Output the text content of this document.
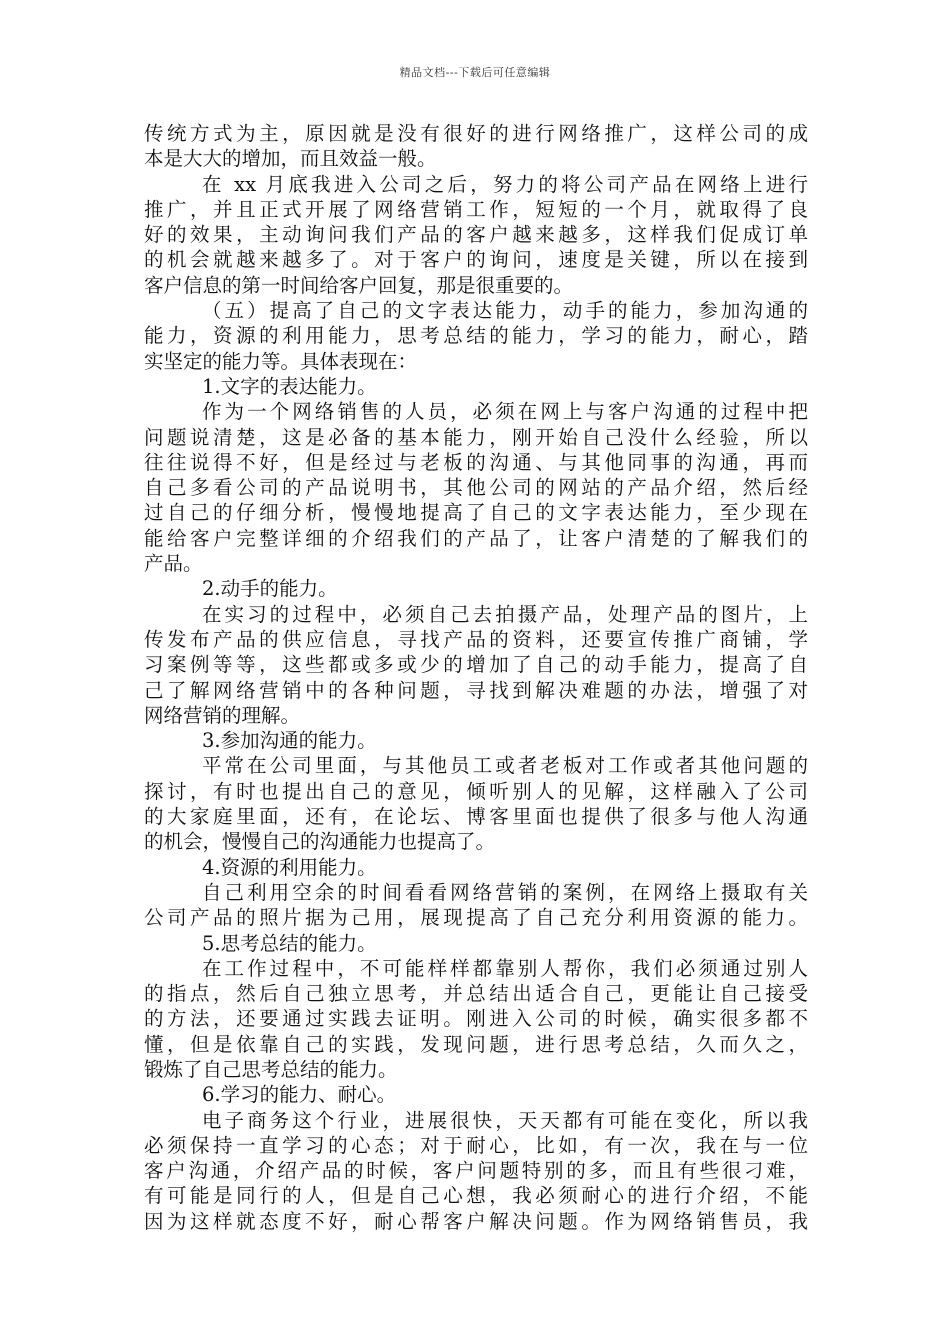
精品文档---下载后可任意编辑
传统方式为主，原因就是没有很好的进行网络推广，这样公司的成
本是大大的增加，而且效益一般。
在 xx 月底我进入公司之后，努力的将公司产品在网络上进行
推广，并且正式开展了网络营销工作，短短的一个月，就取得了良
好的效果，主动询问我们产品的客户越来越多，这样我们促成订单
的机会就越来越多了。对于客户的询问，速度是关键，所以在接到
客户信息的第一时间给客户回复，那是很重要的。
（五）提高了自己的文字表达能力，动手的能力，参加沟通的
能力，资源的利用能力，思考总结的能力，学习的能力，耐心，踏
实坚定的能力等。具体表现在：
1.文字的表达能力。
作为一个网络销售的人员，必须在网上与客户沟通的过程中把
问题说清楚，这是必备的基本能力，刚开始自己没什么经验，所以
往往说得不好，但是经过与老板的沟通、与其他同事的沟通，再而
自己多看公司的产品说明书，其他公司的网站的产品介绍，然后经
过自己的仔细分析，慢慢地提高了自己的文字表达能力，至少现在
能给客户完整详细的介绍我们的产品了，让客户清楚的了解我们的
产品。
2.动手的能力。
在实习的过程中，必须自己去拍摄产品，处理产品的图片，上
传发布产品的供应信息，寻找产品的资料，还要宣传推广商铺，学
习案例等等，这些都或多或少的增加了自己的动手能力，提高了自
己了解网络营销中的各种问题，寻找到解决难题的办法，增强了对
网络营销的理解。
3.参加沟通的能力。
平常在公司里面，与其他员工或者老板对工作或者其他问题的
探讨，有时也提出自己的意见，倾听别人的见解，这样融入了公司
的大家庭里面，还有，在论坛、博客里面也提供了很多与他人沟通
的机会，慢慢自己的沟通能力也提高了。
4.资源的利用能力。
自己利用空余的时间看看网络营销的案例，在网络上摄取有关
公司产品的照片据为己用，展现提高了自己充分利用资源的能力。
5.思考总结的能力。
在工作过程中，不可能样样都靠别人帮你，我们必须通过别人
的指点，然后自己独立思考，并总结出适合自己，更能让自己接受
的方法，还要通过实践去证明。刚进入公司的时候，确实很多都不
懂，但是依靠自己的实践，发现问题，进行思考总结，久而久之，
锻炼了自己思考总结的能力。
6.学习的能力、耐心。
电子商务这个行业，进展很快，天天都有可能在变化，所以我
必须保持一直学习的心态；对于耐心，比如，有一次，我在与一位
客户沟通，介绍产品的时候，客户问题特别的多，而且有些很刁难，
有可能是同行的人，但是自己心想，我必须耐心的进行介绍，不能
因为这样就态度不好，耐心帮客户解决问题。作为网络销售员，我
